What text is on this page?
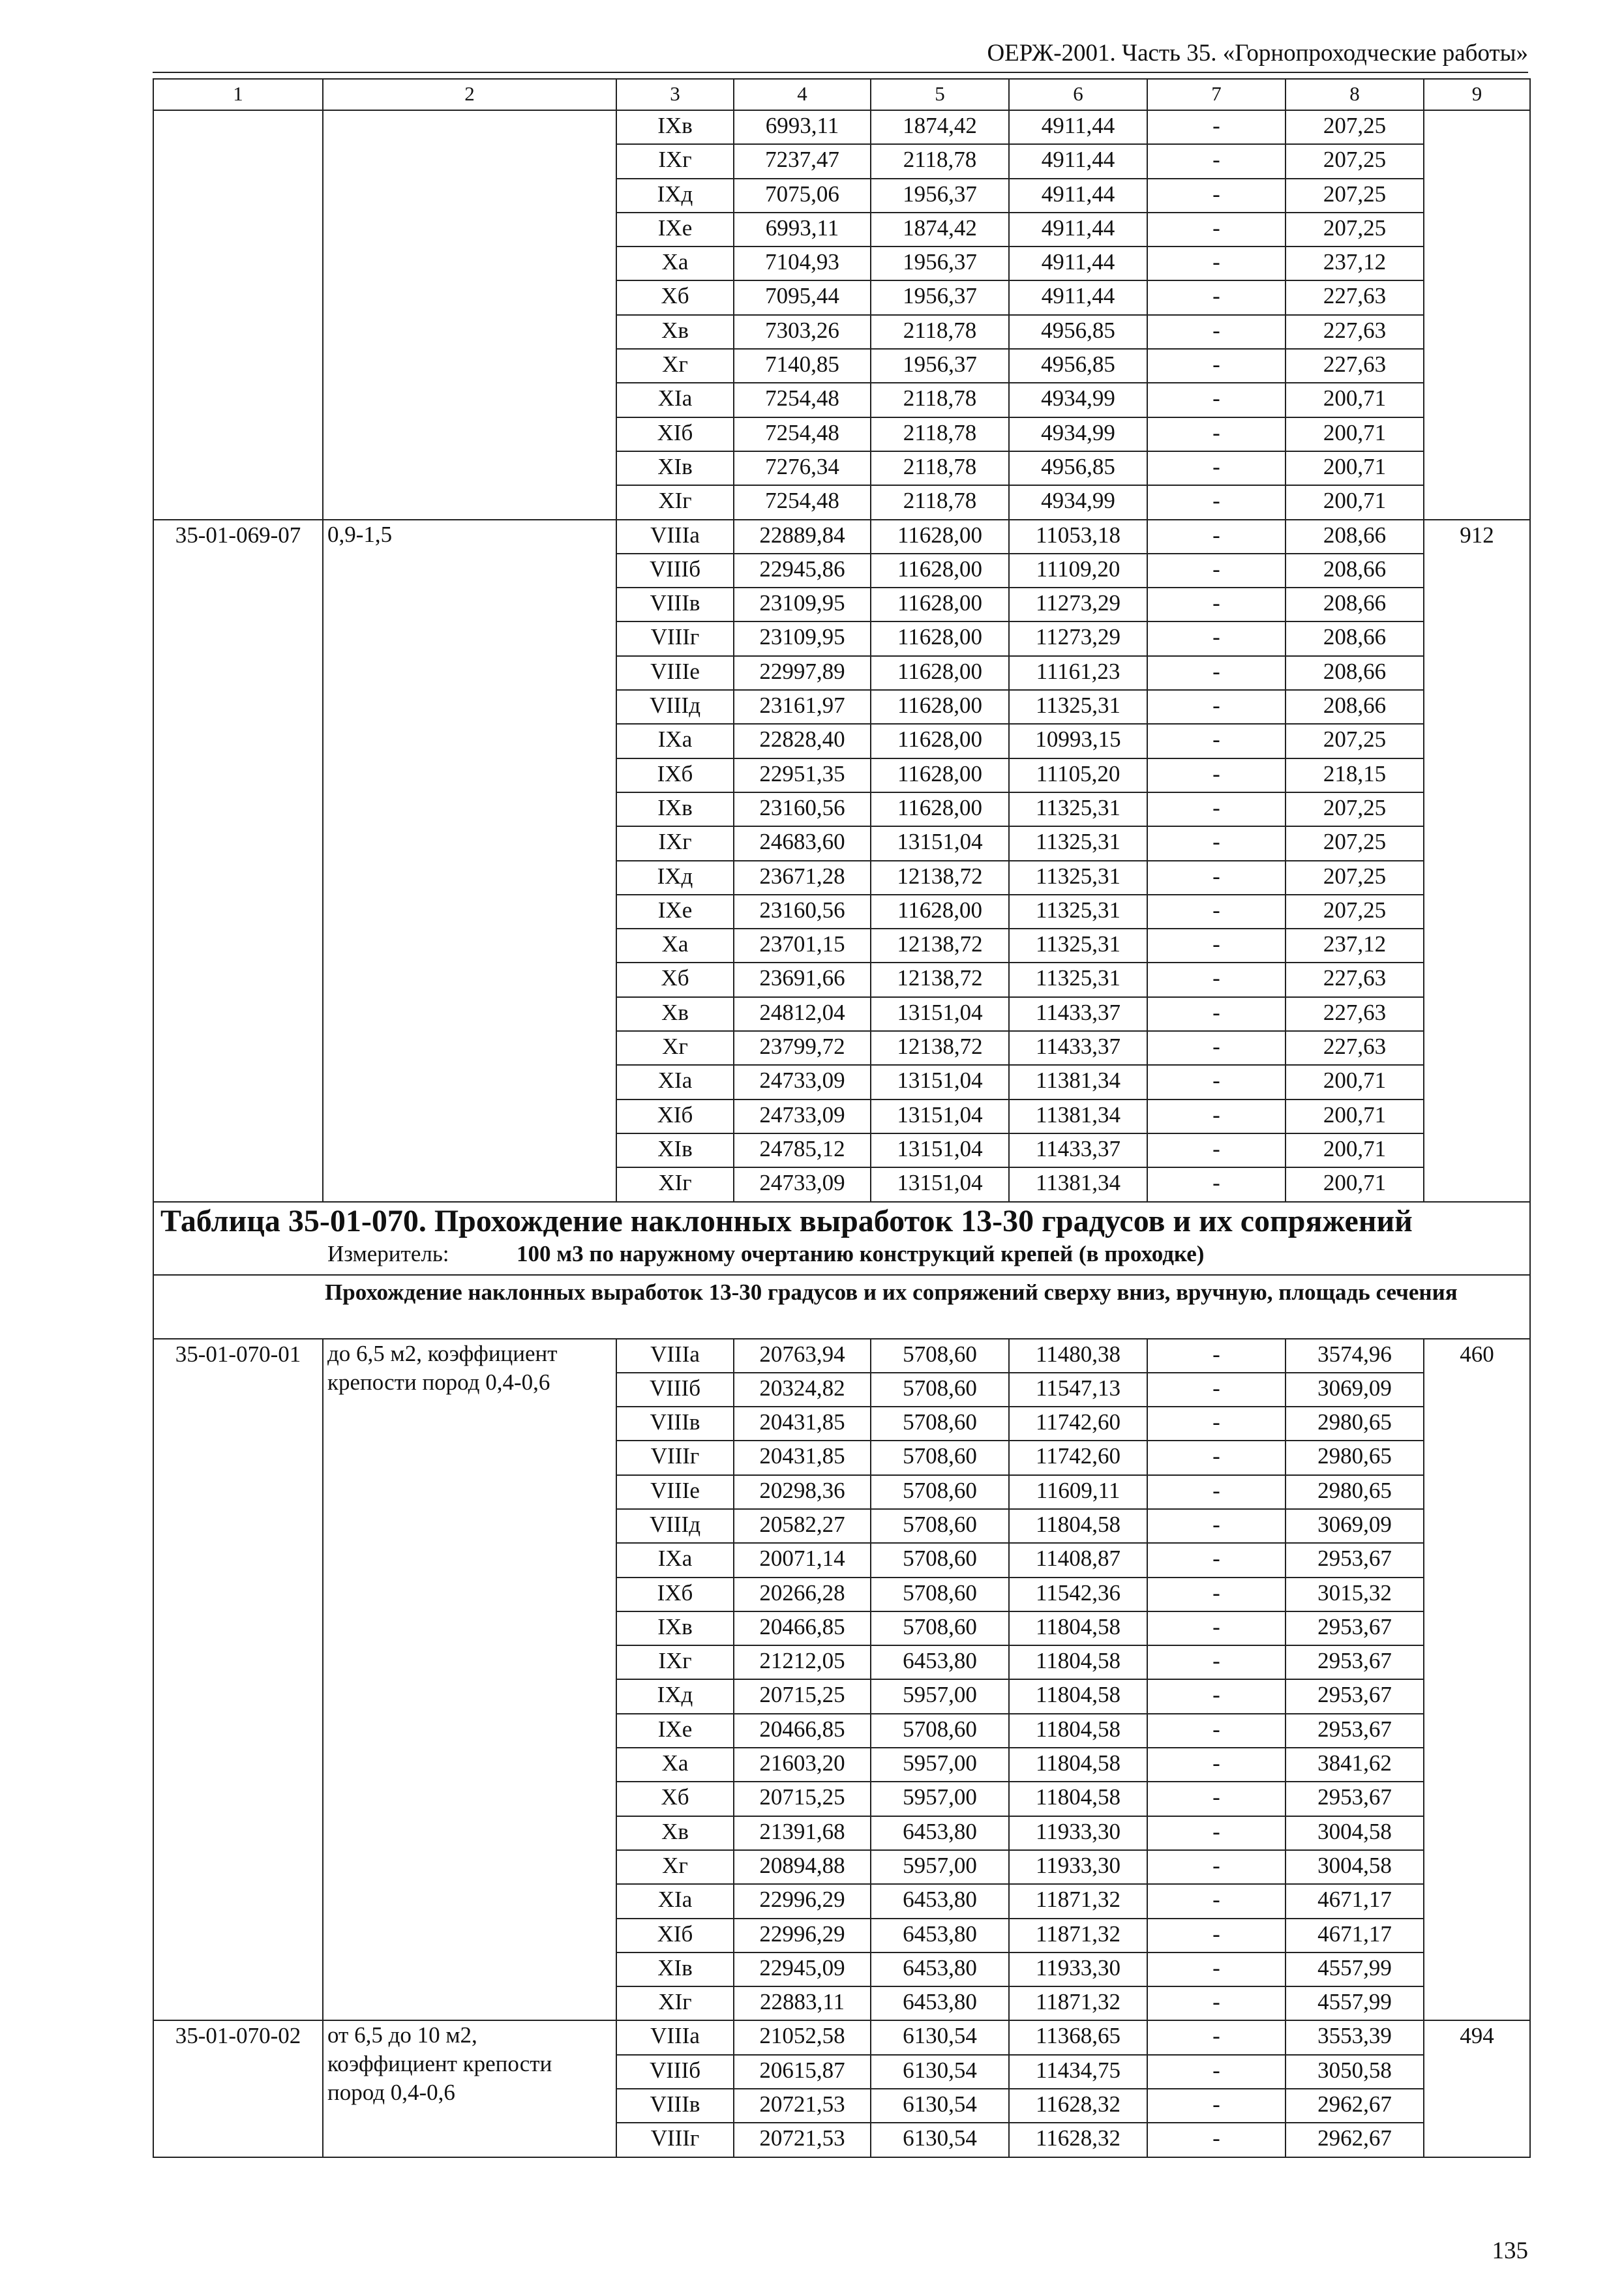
ОЕРЖ-2001. Часть 35. «Горнопроходческие работы»
1	2	3	4	5	6	7	8	9
		IXв	6993,11	1874,42	4911,44	-	207,25	
		IXг	7237,47	2118,78	4911,44	-	207,25	
		IXд	7075,06	1956,37	4911,44	-	207,25	
		IXе	6993,11	1874,42	4911,44	-	207,25	
		Xа	7104,93	1956,37	4911,44	-	237,12	
		Xб	7095,44	1956,37	4911,44	-	227,63	
		Xв	7303,26	2118,78	4956,85	-	227,63	
		Xг	7140,85	1956,37	4956,85	-	227,63	
		XIа	7254,48	2118,78	4934,99	-	200,71	
		XIб	7254,48	2118,78	4934,99	-	200,71	
		XIв	7276,34	2118,78	4956,85	-	200,71	
		XIг	7254,48	2118,78	4934,99	-	200,71	
35-01-069-07	0,9-1,5	VIIIа	22889,84	11628,00	11053,18	-	208,66	912
		VIIIб	22945,86	11628,00	11109,20	-	208,66	
		VIIIв	23109,95	11628,00	11273,29	-	208,66	
		VIIIг	23109,95	11628,00	11273,29	-	208,66	
		VIIIе	22997,89	11628,00	11161,23	-	208,66	
		VIIIд	23161,97	11628,00	11325,31	-	208,66	
		IXа	22828,40	11628,00	10993,15	-	207,25	
		IXб	22951,35	11628,00	11105,20	-	218,15	
		IXв	23160,56	11628,00	11325,31	-	207,25	
		IXг	24683,60	13151,04	11325,31	-	207,25	
		IXд	23671,28	12138,72	11325,31	-	207,25	
		IXе	23160,56	11628,00	11325,31	-	207,25	
		Xа	23701,15	12138,72	11325,31	-	237,12	
		Xб	23691,66	12138,72	11325,31	-	227,63	
		Xв	24812,04	13151,04	11433,37	-	227,63	
		Xг	23799,72	12138,72	11433,37	-	227,63	
		XIа	24733,09	13151,04	11381,34	-	200,71	
		XIб	24733,09	13151,04	11381,34	-	200,71	
		XIв	24785,12	13151,04	11433,37	-	200,71	
		XIг	24733,09	13151,04	11381,34	-	200,71	

Таблица 35-01-070. Прохождение наклонных выработок 13-30 градусов и их сопряжений
Измеритель: 100 м3 по наружному очертанию конструкций крепей (в проходке)								

Прохождение наклонных выработок 13-30 градусов и их сопряжений сверху вниз, вручную, площадь сечения								

35-01-070-01	до 6,5 м2, коэффициент крепости пород 0,4-0,6	VIIIа	20763,94	5708,60	11480,38	-	3574,96	460
		VIIIб	20324,82	5708,60	11547,13	-	3069,09	
		VIIIв	20431,85	5708,60	11742,60	-	2980,65	
		VIIIг	20431,85	5708,60	11742,60	-	2980,65	
		VIIIе	20298,36	5708,60	11609,11	-	2980,65	
		VIIIд	20582,27	5708,60	11804,58	-	3069,09	
		IXа	20071,14	5708,60	11408,87	-	2953,67	
		IXб	20266,28	5708,60	11542,36	-	3015,32	
		IXв	20466,85	5708,60	11804,58	-	2953,67	
		IXг	21212,05	6453,80	11804,58	-	2953,67	
		IXд	20715,25	5957,00	11804,58	-	2953,67	
		IXе	20466,85	5708,60	11804,58	-	2953,67	
		Xа	21603,20	5957,00	11804,58	-	3841,62	
		Xб	20715,25	5957,00	11804,58	-	2953,67	
		Xв	21391,68	6453,80	11933,30	-	3004,58	
		Xг	20894,88	5957,00	11933,30	-	3004,58	
		XIа	22996,29	6453,80	11871,32	-	4671,17	
		XIб	22996,29	6453,80	11871,32	-	4671,17	
		XIв	22945,09	6453,80	11933,30	-	4557,99	
		XIг	22883,11	6453,80	11871,32	-	4557,99	
35-01-070-02	от 6,5 до 10 м2, коэффициент крепости пород 0,4-0,6	VIIIа	21052,58	6130,54	11368,65	-	3553,39	494
		VIIIб	20615,87	6130,54	11434,75	-	3050,58	
		VIIIв	20721,53	6130,54	11628,32	-	2962,67	
		VIIIг	20721,53	6130,54	11628,32	-	2962,67	
135
